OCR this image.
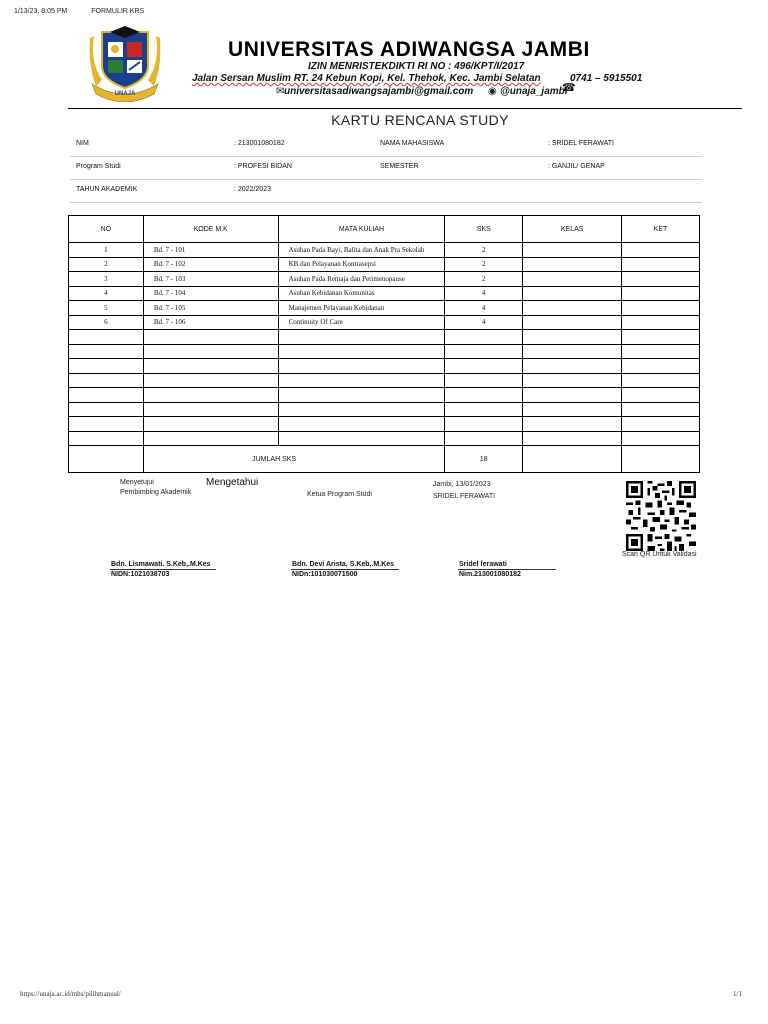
1/13/23, 8:05 PM	FORMULIR KRS
UNAJA
UNIVERSITAS ADIWANGSA JAMBI
IZIN MENRISTEKDIKTI RI NO : 496/KPT/I/2017
Jalan Sersan Muslim RT. 24 Kebun Kopi, Kel. Thehok, Kec. Jambi Selatan	0741 – 5915501
☎
✉ universitasadiwangsajambi@gmail.com ◉ @unaja_jambi
KARTU RENCANA STUDY
NIM	: 213001080182	NAMA MAHASISWA	: SRIDEL FERAWATI
Program Studi	: PROFESI BIDAN	SEMESTER	: GANJIL/ GENAP
TAHUN AKADEMIK	: 2022/2023
NO	KODE M.K	MATA KULIAH	SKS	KELAS	KET
1	Bd. 7 - 101	Asuhan Pada Bayi, Balita dan Anak Pra Sekolah	2		
2	Bd. 7 - 102	KB dan Pelayanan Kontrasepsi	2		
3	Bd. 7 - 103	Asuhan Pada Remaja dan Perimenopause	2		
4	Bd. 7 - 104	Asuhan Kebidanan Komunitas	4		
5	Bd. 7 - 105	Manajemen Pelayanan Kebidanan	4		
6	Bd. 7 - 106	Continuity Of Care	4		

	JUMLAH SKS		18		
Menyetujui
Pembimbing Akademik
Mengetahui
Ketua Program Studi
Jambi, 13/01/2023
SRIDEL FERAWATI
Scan QR Untuk Validasi
Bdn. Lismawati. S.Keb,.M.Kes
NIDN:1021038703
Bdn. Devi Arista, S.Keb,.M.Kes
NIDn:101030071500
Sridel ferawati
Nim.213001080182
https://unaja.ac.id/mhs/pilihmanual/	1/1
